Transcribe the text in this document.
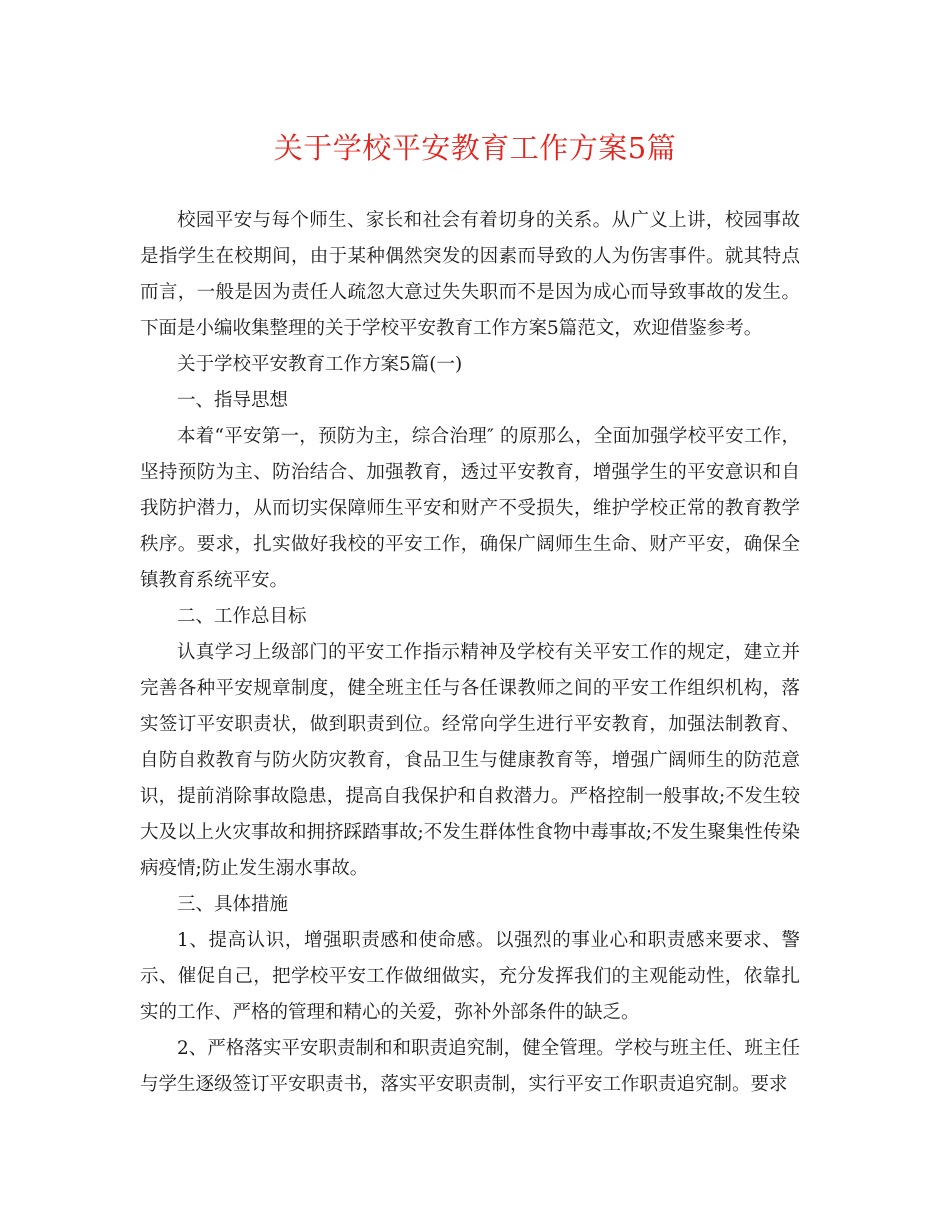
关于学校平安教育工作方案5篇

校园平安与每个师生、家长和社会有着切身的关系。从广义上讲，校园事故是指学生在校期间，由于某种偶然突发的因素而导致的人为伤害事件。就其特点而言，一般是因为责任人疏忽大意过失失职而不是因为成心而导致事故的发生。下面是小编收集整理的关于学校平安教育工作方案5篇范文，欢迎借鉴参考。

关于学校平安教育工作方案5篇(一)

一、指导思想

本着“平安第一，预防为主，综合治理″ 的原那么，全面加强学校平安工作，坚持预防为主、防治结合、加强教育，透过平安教育，增强学生的平安意识和自我防护潜力，从而切实保障师生平安和财产不受损失，维护学校正常的教育教学秩序。要求，扎实做好我校的平安工作，确保广阔师生生命、财产平安，确保全镇教育系统平安。

二、工作总目标

认真学习上级部门的平安工作指示精神及学校有关平安工作的规定，建立并完善各种平安规章制度，健全班主任与各任课教师之间的平安工作组织机构，落实签订平安职责状，做到职责到位。经常向学生进行平安教育，加强法制教育、自防自救教育与防火防灾教育，食品卫生与健康教育等，增强广阔师生的防范意识，提前消除事故隐患，提高自我保护和自救潜力。严格控制一般事故;不发生较大及以上火灾事故和拥挤踩踏事故;不发生群体性食物中毒事故;不发生聚集性传染病疫情;防止发生溺水事故。

三、具体措施

1、提高认识，增强职责感和使命感。以强烈的事业心和职责感来要求、警示、催促自己，把学校平安工作做细做实，充分发挥我们的主观能动性，依靠扎实的工作、严格的管理和精心的关爱，弥补外部条件的缺乏。

2、严格落实平安职责制和和职责追究制，健全管理。学校与班主任、班主任与学生逐级签订平安职责书，落实平安职责制，实行平安工作职责追究制。要求
